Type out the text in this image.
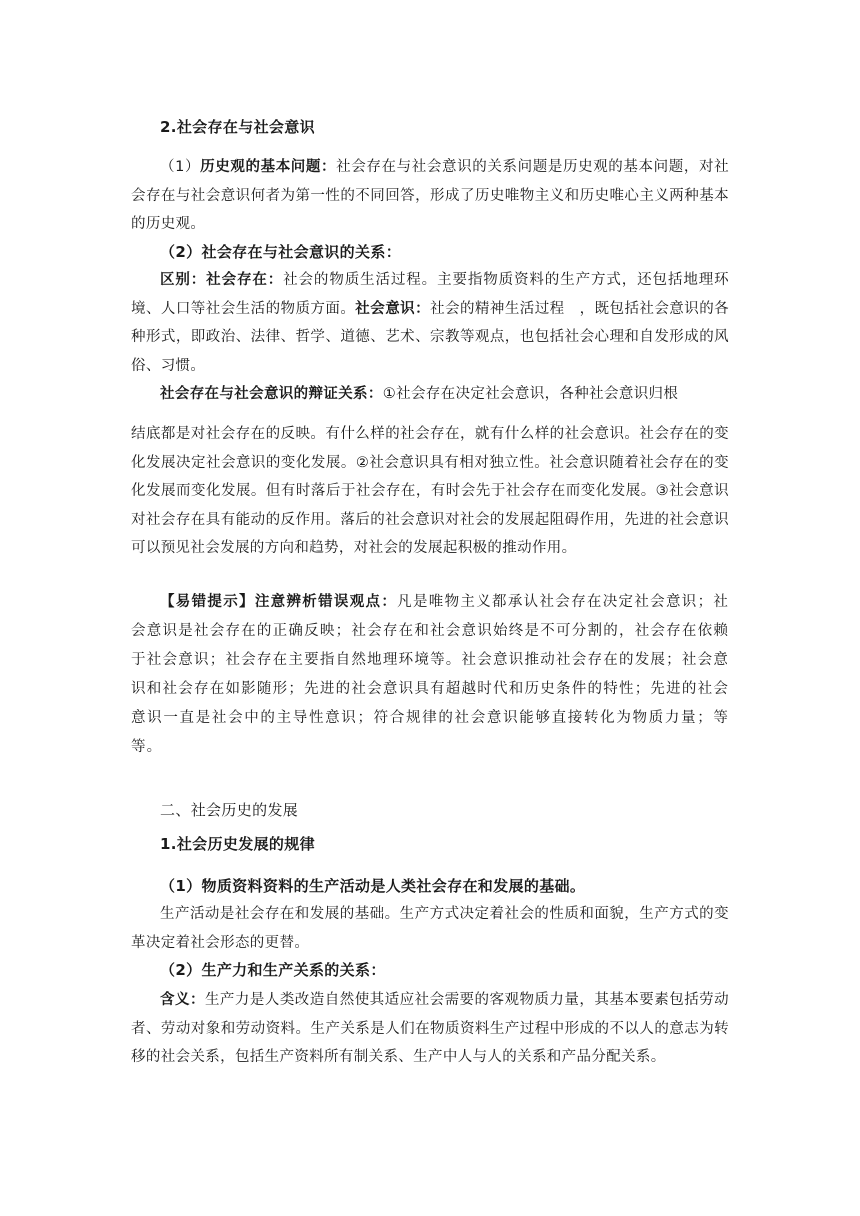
2.社会存在与社会意识

（1）历史观的基本问题：社会存在与社会意识的关系问题是历史观的基本问题，对社会存在与社会意识何者为第一性的不同回答，形成了历史唯物主义和历史唯心主义两种基本的历史观。

（2）社会存在与社会意识的关系：

区别：社会存在：社会的物质生活过程。主要指物质资料的生产方式，还包括地理环境、人口等社会生活的物质方面。社会意识：社会的精神生活过程　，既包括社会意识的各种形式，即政治、法律、哲学、道德、艺术、宗教等观点，也包括社会心理和自发形成的风俗、习惯。

社会存在与社会意识的辩证关系：①社会存在决定社会意识，各种社会意识归根

结底都是对社会存在的反映。有什么样的社会存在，就有什么样的社会意识。社会存在的变化发展决定社会意识的变化发展。②社会意识具有相对独立性。社会意识随着社会存在的变化发展而变化发展。但有时落后于社会存在，有时会先于社会存在而变化发展。③社会意识对社会存在具有能动的反作用。落后的社会意识对社会的发展起阻碍作用，先进的社会意识可以预见社会发展的方向和趋势，对社会的发展起积极的推动作用。

【易错提示】注意辨析错误观点：凡是唯物主义都承认社会存在决定社会意识；社会意识是社会存在的正确反映；社会存在和社会意识始终是不可分割的，社会存在依赖于社会意识；社会存在主要指自然地理环境等。社会意识推动社会存在的发展；社会意识和社会存在如影随形；先进的社会意识具有超越时代和历史条件的特性；先进的社会意识一直是社会中的主导性意识；符合规律的社会意识能够直接转化为物质力量；等等。

二、社会历史的发展

1.社会历史发展的规律

（1）物质资料资料的生产活动是人类社会存在和发展的基础。

生产活动是社会存在和发展的基础。生产方式决定着社会的性质和面貌，生产方式的变革决定着社会形态的更替。

（2）生产力和生产关系的关系：

含义：生产力是人类改造自然使其适应社会需要的客观物质力量，其基本要素包括劳动者、劳动对象和劳动资料。生产关系是人们在物质资料生产过程中形成的不以人的意志为转移的社会关系，包括生产资料所有制关系、生产中人与人的关系和产品分配关系。
